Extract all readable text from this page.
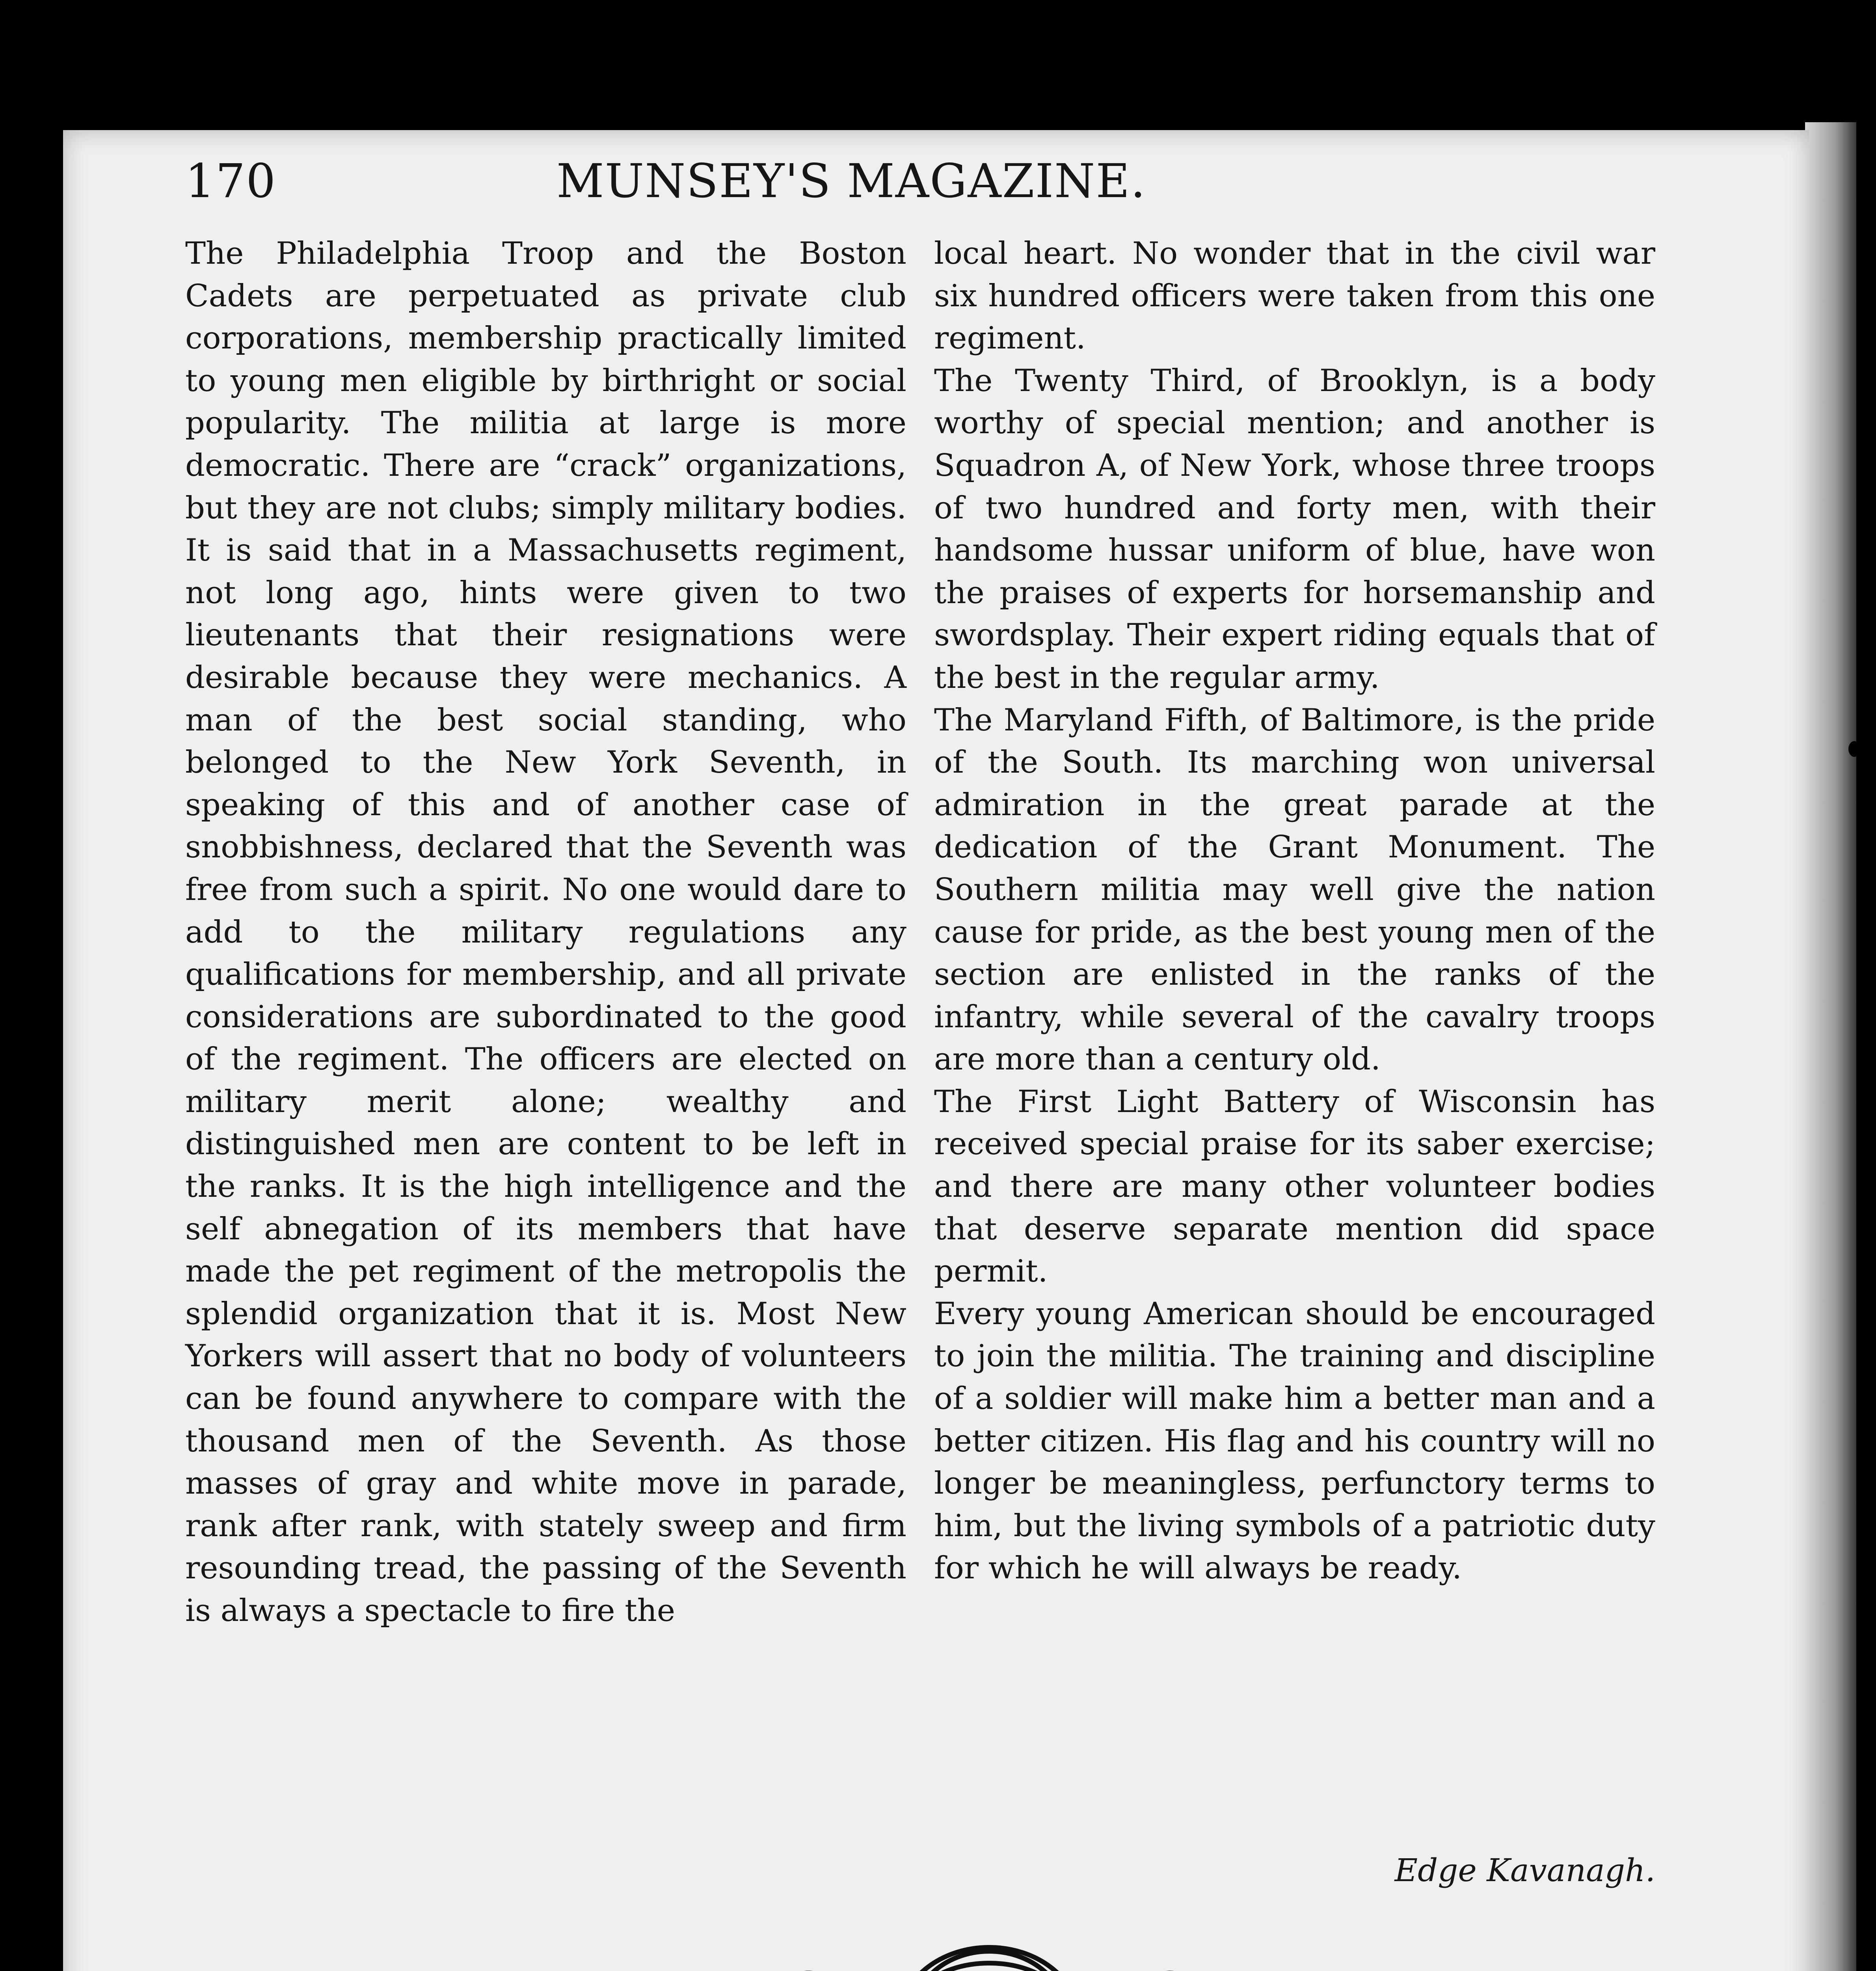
170	MUNSEY'S MAGAZINE.

The Philadelphia Troop and the Boston Cadets are perpetuated as private club corporations, membership practically limited to young men eligible by birthright or social popularity. The militia at large is more democratic. There are “crack” organizations, but they are not clubs; simply military bodies. It is said that in a Massachusetts regiment, not long ago, hints were given to two lieutenants that their resignations were desirable because they were mechanics. A man of the best social standing, who belonged to the New York Seventh, in speaking of this and of another case of snobbishness, declared that the Seventh was free from such a spirit. No one would dare to add to the military regulations any qualifications for membership, and all private considerations are subordinated to the good of the regiment. The officers are elected on military merit alone; wealthy and distinguished men are content to be left in the ranks. It is the high intelligence and the self abnegation of its members that have made the pet regiment of the metropolis the splendid organization that it is. Most New Yorkers will assert that no body of volunteers can be found anywhere to compare with the thousand men of the Seventh. As those masses of gray and white move in parade, rank after rank, with stately sweep and firm resounding tread, the passing of the Seventh is always a spectacle to fire the

local heart. No wonder that in the civil war six hundred officers were taken from this one regiment.

The Twenty Third, of Brooklyn, is a body worthy of special mention; and another is Squadron A, of New York, whose three troops of two hundred and forty men, with their handsome hussar uniform of blue, have won the praises of experts for horsemanship and swordsplay. Their expert riding equals that of the best in the regular army.

The Maryland Fifth, of Baltimore, is the pride of the South. Its marching won universal admiration in the great parade at the dedication of the Grant Monument. The Southern militia may well give the nation cause for pride, as the best young men of the section are enlisted in the ranks of the infantry, while several of the cavalry troops are more than a century old.

The First Light Battery of Wisconsin has received special praise for its saber exercise; and there are many other volunteer bodies that deserve separate mention did space permit.

Every young American should be encouraged to join the militia. The training and discipline of a soldier will make him a better man and a better citizen. His flag and his country will no longer be meaningless, perfunctory terms to him, but the living symbols of a patriotic duty for which he will always be ready.

Edge Kavanagh.
